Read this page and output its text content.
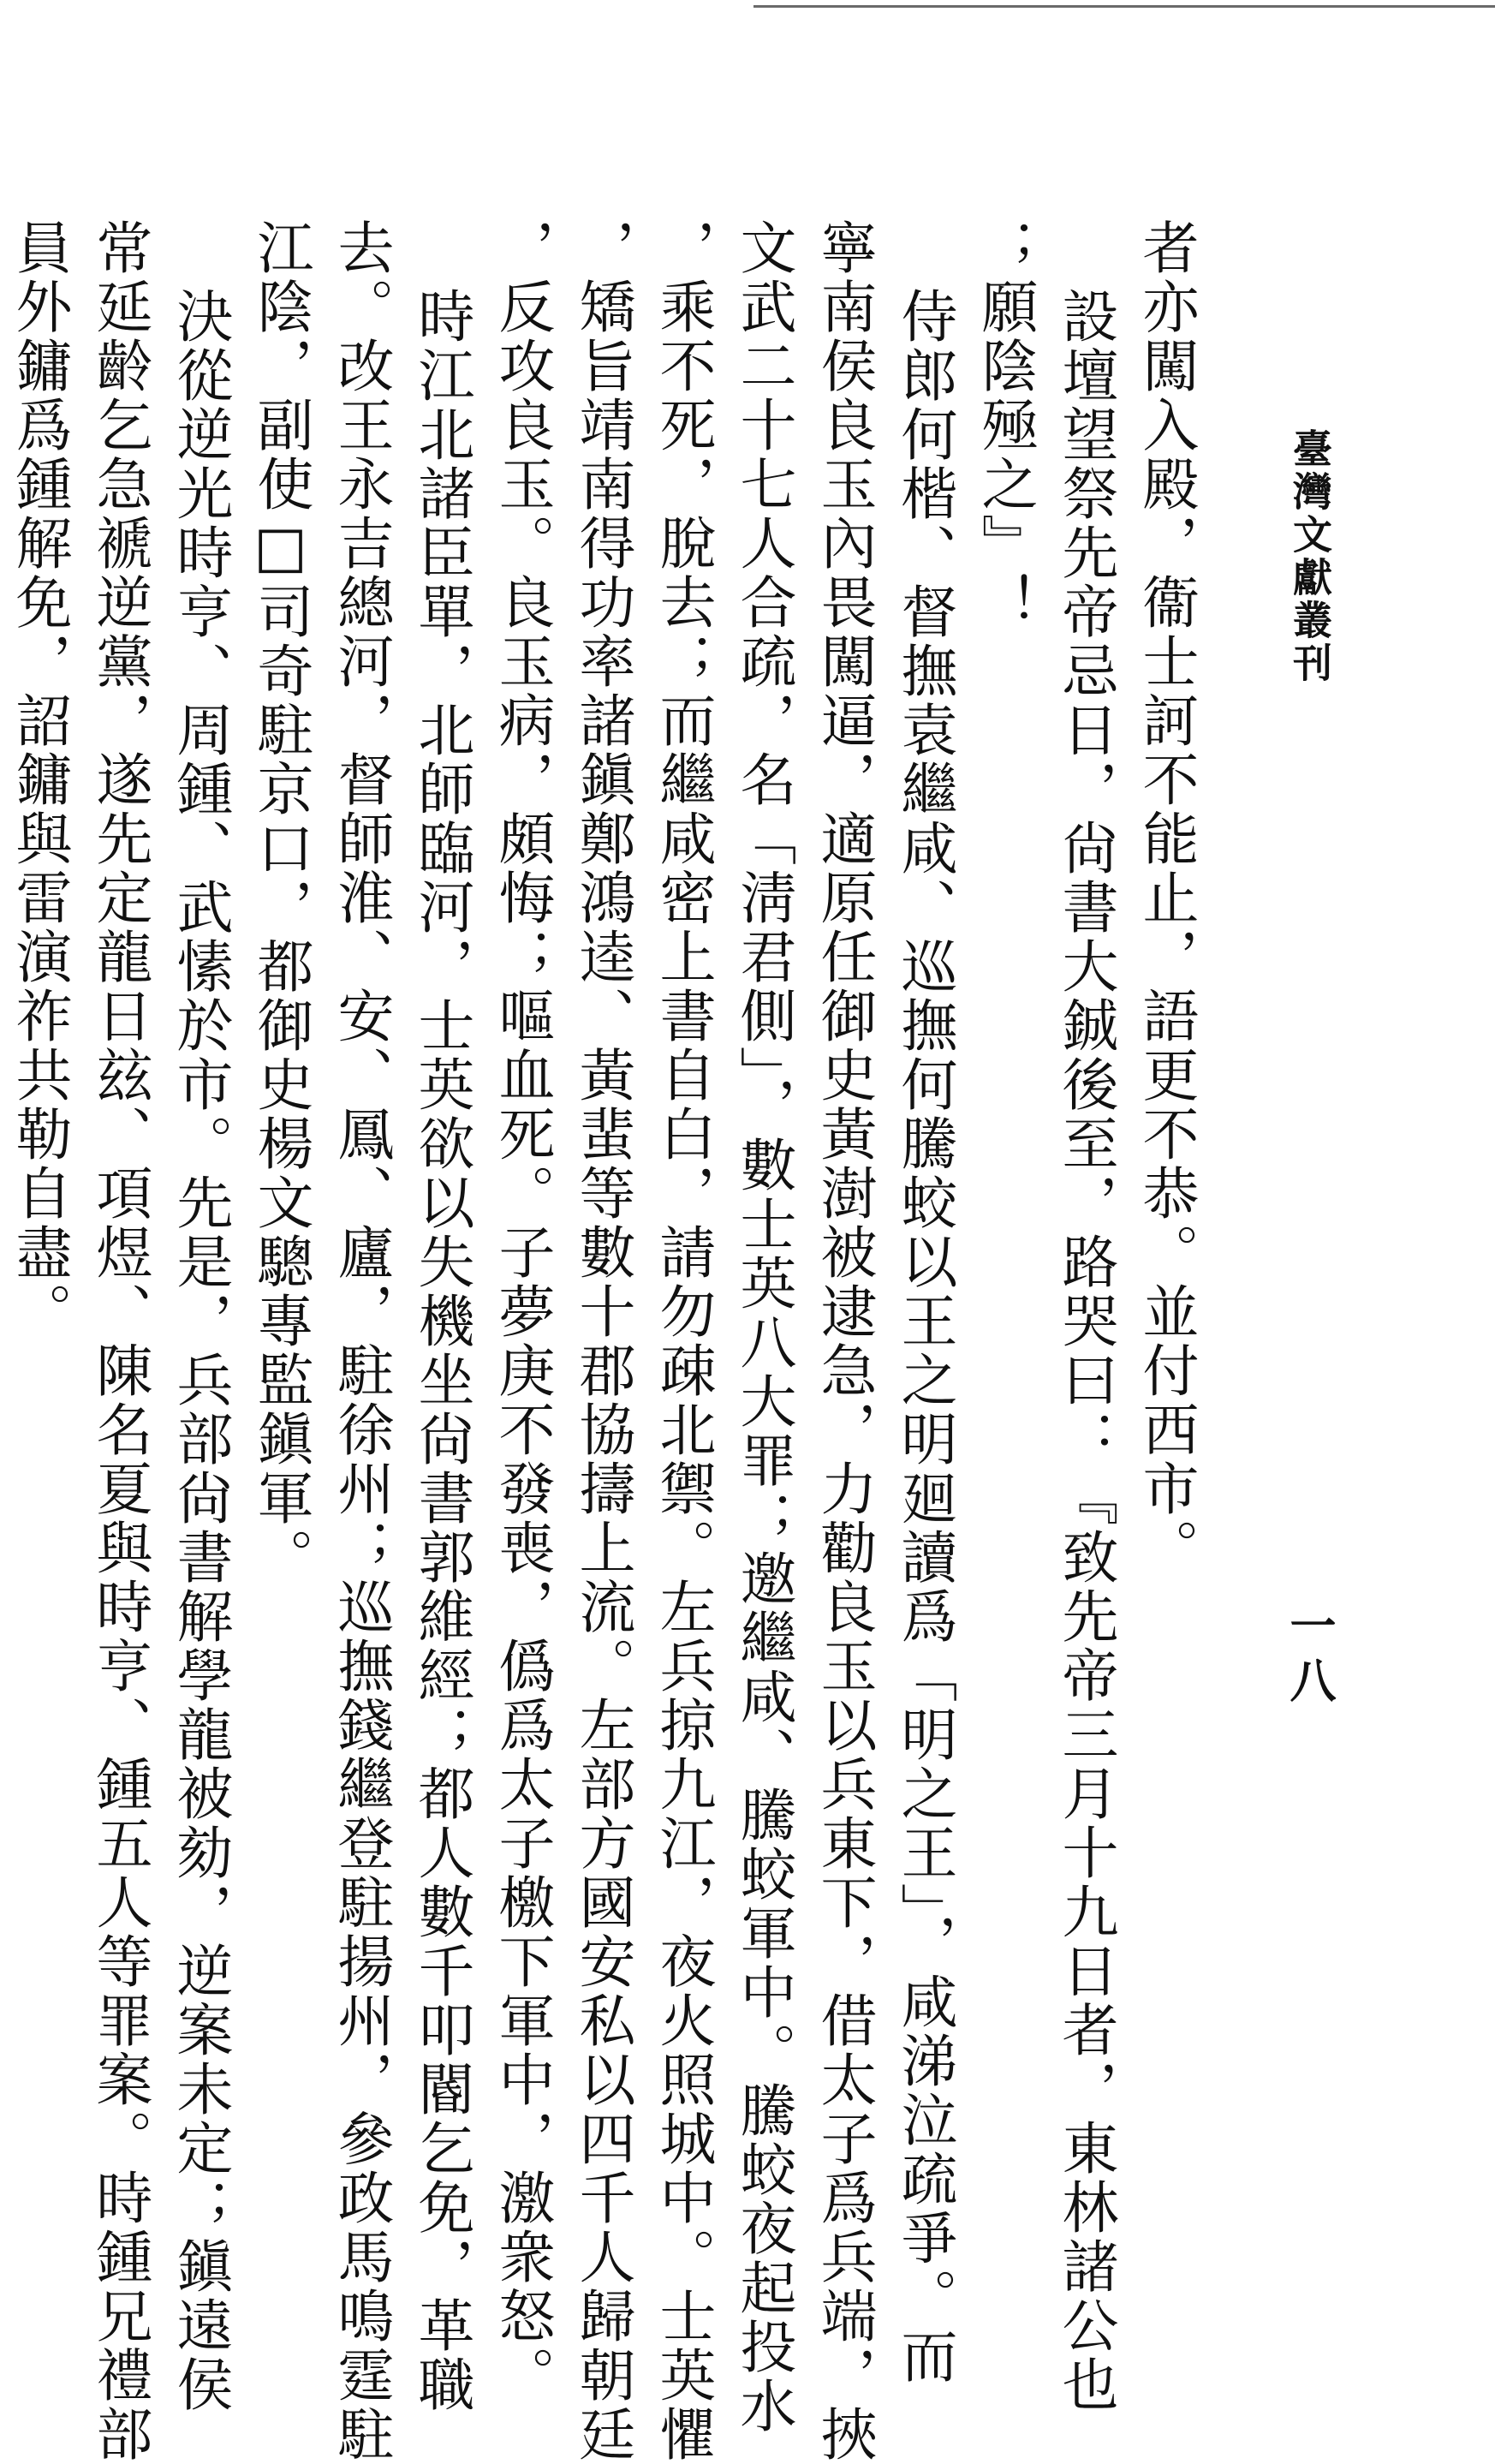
臺灣文獻叢刊
一八

者亦闖入殿，衞士訶不能止，語更不恭。並付西市。

設壇望祭先帝忌日，尙書大鋮後至，路哭曰：『致先帝三月十九日者，東林諸公也

；願陰殛之』！

侍郎何楷、督撫袁繼咸、巡撫何騰蛟以王之明廻讀爲「明之王」，咸涕泣疏爭。而

寧南侯良玉內畏闖逼，適原任御史黃澍被逮急，力勸良玉以兵東下，借太子爲兵端，挾

文武二十七人合疏，名「淸君側」，數士英八大罪；邀繼咸、騰蛟軍中。騰蛟夜起投水

，乘不死，脫去；而繼咸密上書自白，請勿疎北禦。左兵掠九江，夜火照城中。士英懼

，矯旨靖南得功率諸鎭鄭鴻逵、黃蜚等數十郡協擣上流。左部方國安私以四千人歸朝廷

，反攻良玉。良玉病，頗悔；嘔血死。子夢庚不發喪，僞爲太子檄下軍中，激衆怒。

時江北諸臣單，北師臨河，士英欲以失機坐尙書郭維經；都人數千叩閽乞免，革職

去。改王永吉總河，督師淮、安、鳳、廬，駐徐州；巡撫錢繼登駐揚州，參政馬鳴霆駐

江陰，副使□司奇駐京口，都御史楊文驄專監鎭軍。

決從逆光時亨、周鍾、武愫於市。先是，兵部尙書解學龍被劾，逆案未定；鎭遠侯

常延齡乞急褫逆黨，遂先定龍日玆、項煜、陳名夏與時亨、鍾五人等罪案。時鍾兄禮部

員外鏞爲鍾解免，詔鏞與雷演祚共勒自盡。
